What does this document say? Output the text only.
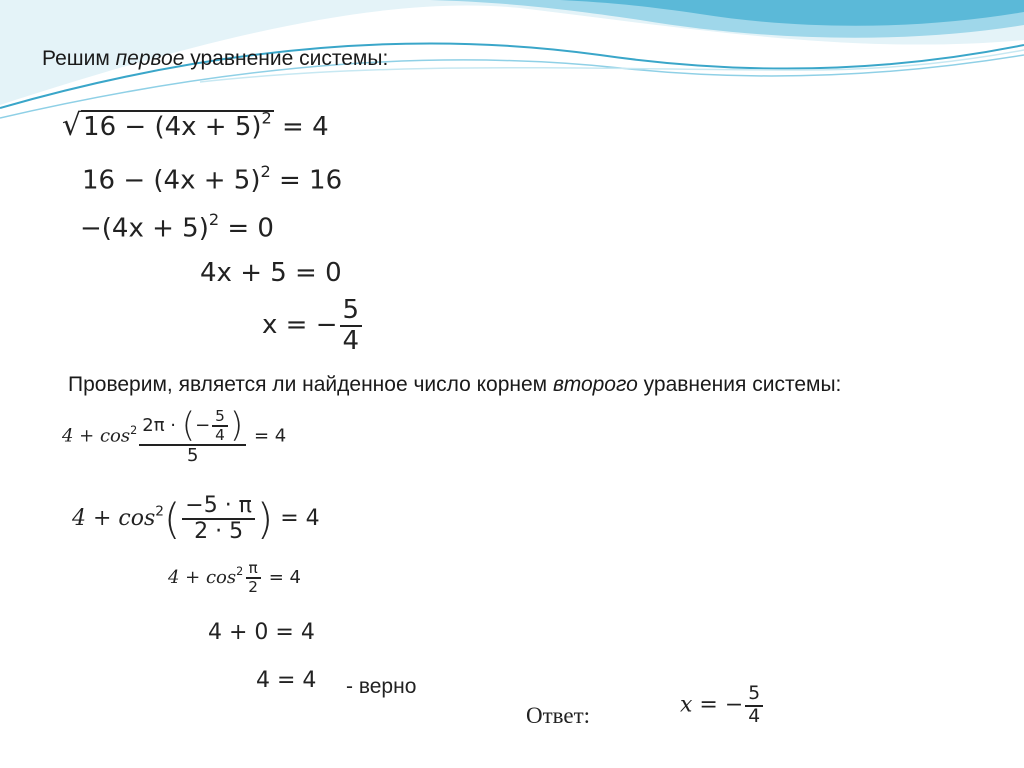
Решим первое уравнение системы:
$√16 - (4x + 5)^2 = 4$
$16 - (4x + 5)^2 = 16$
$-(4x + 5)^2 = 0$
4x + 5 = 0
x = − $\frac{5}{4}$
Проверим, является ли найденное число корнем второго уравнения системы:
$4 + \cos^2 \frac{2\pi \cdot (- \frac{5}{4} )}{5} = 4$
$4 + \cos^2( \frac{-5 \cdot \pi}{2 \cdot 5}$ ) = 4
$4 + \cos^2 \frac{\pi}{2} = 4$
4 + 0 = 4
4 = 4 - верно
Ответ:	x = − $\frac{5}{4}$
